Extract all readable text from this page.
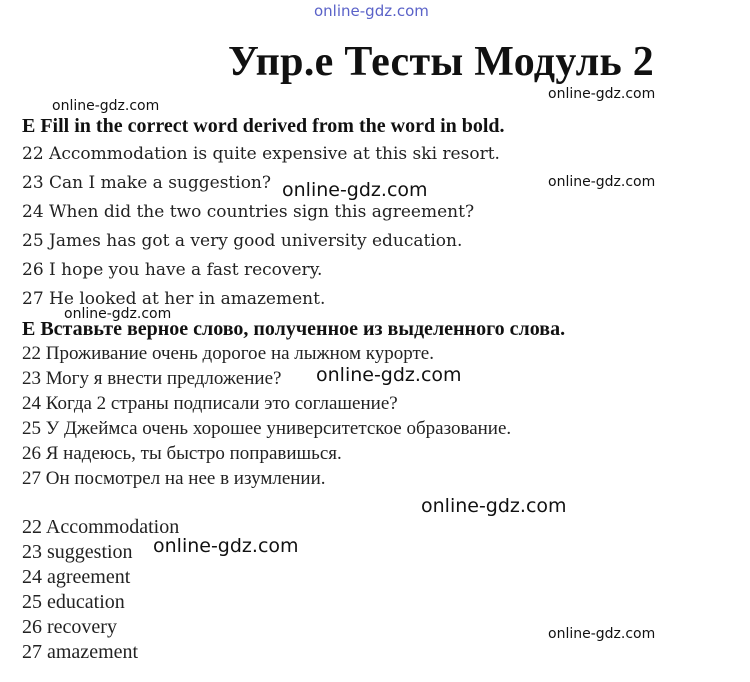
online-gdz.com
online-gdz.com
online-gdz.com
online-gdz.com
online-gdz.com
online-gdz.com
online-gdz.com
online-gdz.com
online-gdz.com
online-gdz.com
Упр.е Тесты Модуль 2
E Fill in the correct word derived from the word in bold.
22 Accommodation is quite expensive at this ski resort.
23 Can I make a suggestion?
24 When did the two countries sign this agreement?
25 James has got a very good university education.
26 I hope you have a fast recovery.
27 He looked at her in amazement.
Е Вставьте верное слово, полученное из выделенного слова.
22 Проживание очень дорогое на лыжном курорте.
23 Могу я внести предложение?
24 Когда 2 страны подписали это соглашение?
25 У Джеймса очень хорошее университетское образование.
26 Я надеюсь, ты быстро поправишься.
27 Он посмотрел на нее в изумлении.
22 Accommodation
23 suggestion
24 agreement
25 education
26 recovery
27 amazement
